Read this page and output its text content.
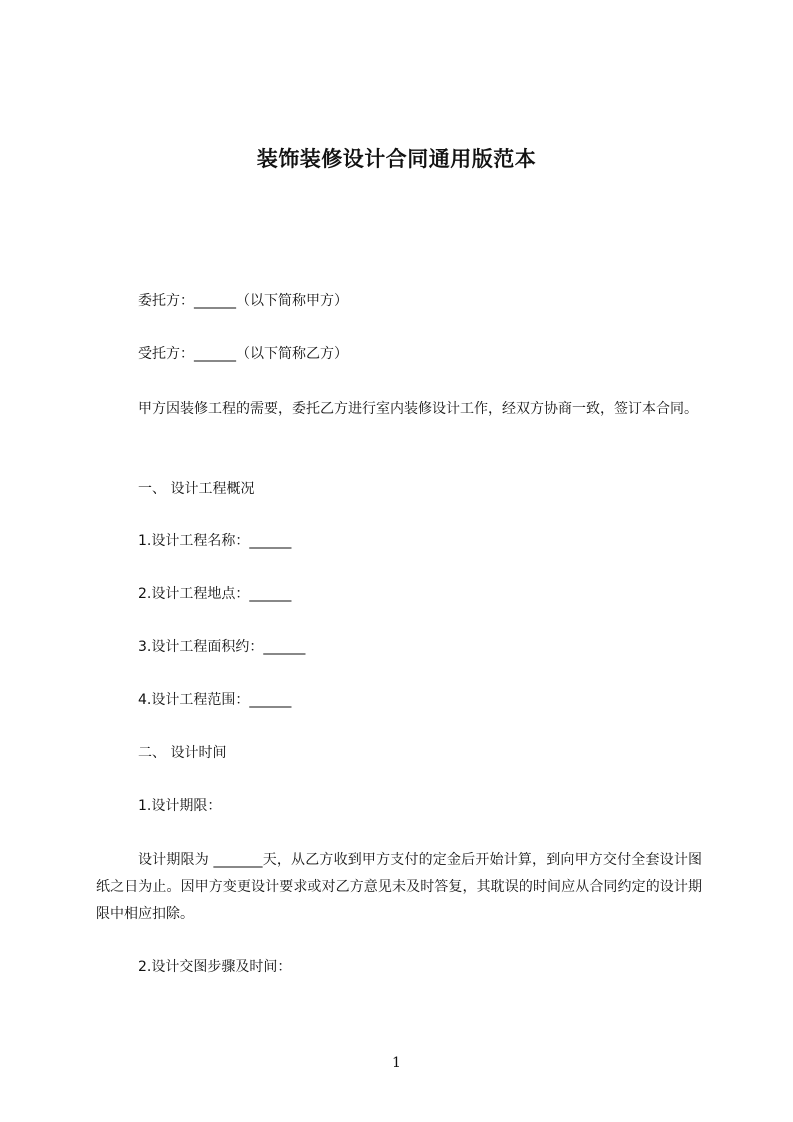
装饰装修设计合同通用版范本
委托方：______（以下简称甲方）
受托方：______（以下简称乙方）
甲方因装修工程的需要，委托乙方进行室内装修设计工作，经双方协商一致，签订本合同。
一、 设计工程概况
1.设计工程名称：______
2.设计工程地点：______
3.设计工程面积约：______
4.设计工程范围：______
二、 设计时间
1.设计期限：
设计期限为 _______天，从乙方收到甲方支付的定金后开始计算，到向甲方交付全套设计图纸之日为止。因甲方变更设计要求或对乙方意见未及时答复，其耽误的时间应从合同约定的设计期限中相应扣除。
2.设计交图步骤及时间：
1
